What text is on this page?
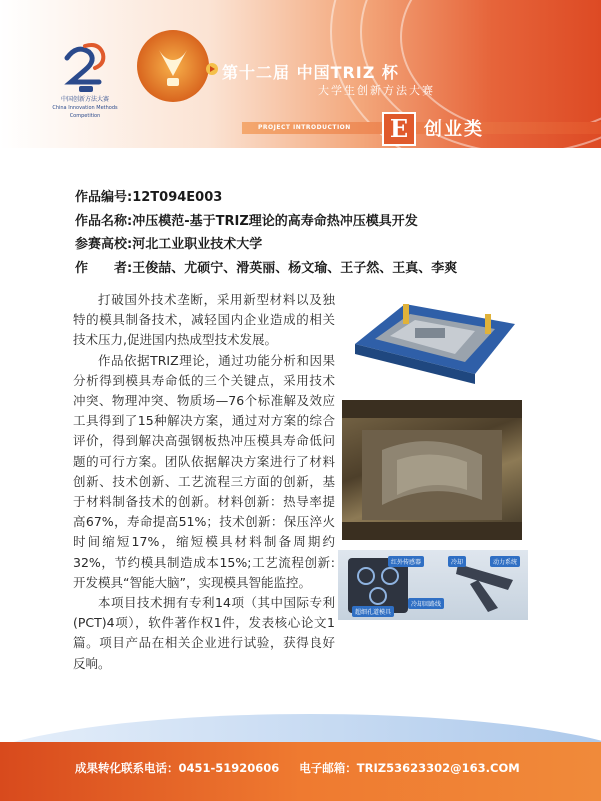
中国创新方法大赛
China Innovation Methods Competition
第十二届 中国TRIZ 杯
大学生创新方法大赛
PROJECT INTRODUCTION	E 创业类
作品编号:12T094E003
作品名称:冲压模范-基于TRIZ理论的高寿命热冲压模具开发
参赛高校:河北工业职业技术大学
作　　者:王俊喆、尤硕宁、滑英丽、杨文瑜、王子然、王真、李爽

打破国外技术垄断，采用新型材料以及独特的模具制备技术，减轻国内企业造成的相关技术压力,促进国内热成型技术发展。

作品依据TRIZ理论，通过功能分析和因果分析得到模具寿命低的三个关键点，采用技术冲突、物理冲突、物质场—76个标准解及效应工具得到了15种解决方案，通过对方案的综合评价，得到解决高强钢板热冲压模具寿命低问题的可行方案。团队依据解决方案进行了材料创新、技术创新、工艺流程三方面的创新，基于材料制备技术的创新。材料创新：热导率提高67%，寿命提高51%；技术创新：保压淬火时间缩短17%，缩短模具材料制备周期约32%，节约模具制造成本15%;工艺流程创新:开发模具“智能大脑”，实现模具智能监控。

本项目技术拥有专利14项（其中国际专利(PCT)4项），软件著作权1件，发表核心论文1篇。项目产品在相关企业进行试验，获得良好反响。

红外传感器	冷却	动力系统
超细孔道模具
冷却回路线
成果转化联系电话：0451-51920606 电子邮箱：TRIZ53623302@163.COM
